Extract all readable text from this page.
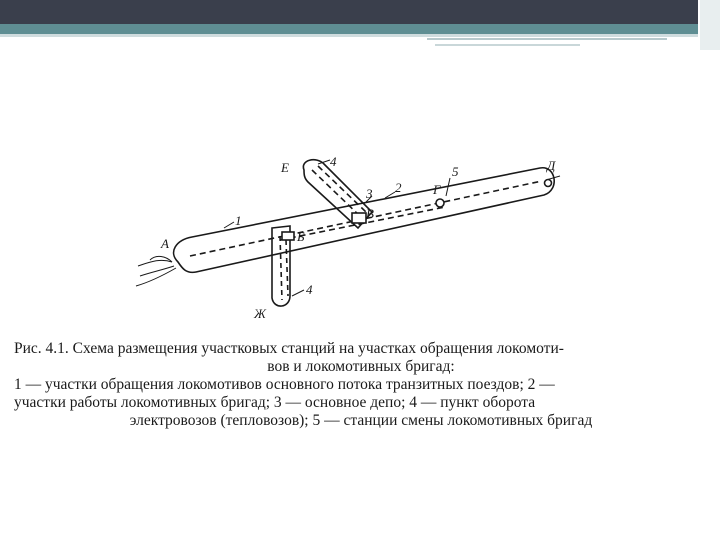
А	Б
В
Г
Д
Е
Ж
1
2
3
4
4
5

Рис. 4.1. Схема размещения участковых станций на участках обращения локомоти-

вов и локомотивных бригад:

1 — участки обращения локомотивов основного потока транзитных поездов; 2 —

участки работы локомотивных бригад; 3 — основное депо; 4 — пункт оборота

электровозов (тепловозов); 5 — станции смены локомотивных бригад
